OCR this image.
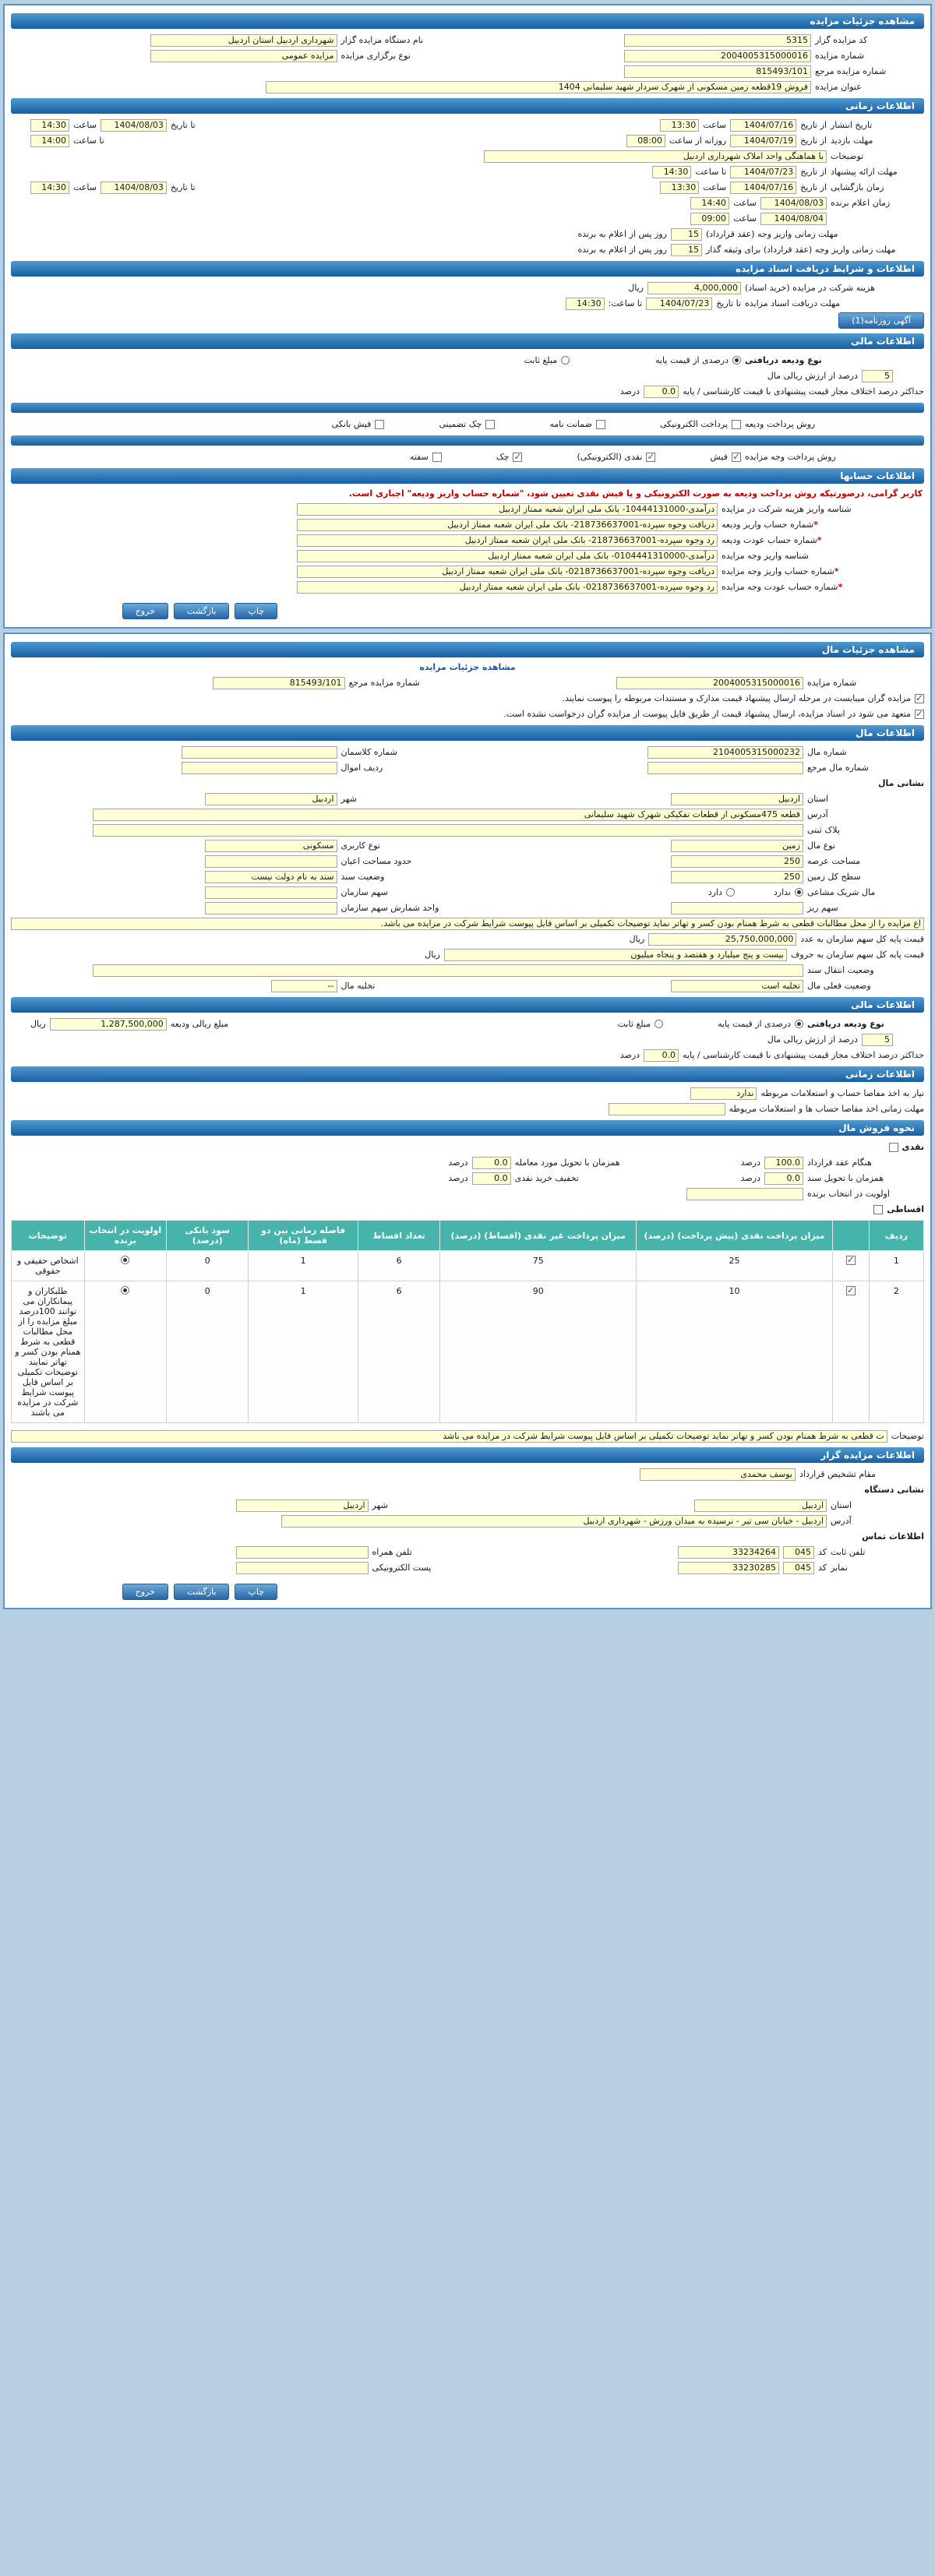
مشاهده جزئیات مزایده
کد مزایده گزار
5315
نام دستگاه مزایده گزار
شهرداری اردبیل استان اردبیل
شماره مزایده
2004005315000016
نوع برگزاری مزایده
مزایده عمومی
شماره مزایده مرجع
815493/101
عنوان مزایده
فروش 19قطعه زمین مسکونی از شهرک سردار شهید سلیمانی 1404
اطلاعات زمانی
تاریخ انتشار
از تاریخ
1404/07/16
ساعت
13:30
تا تاریخ
1404/08/03
ساعت
14:30
مهلت بازدید
از تاریخ
1404/07/19
روزانه از ساعت
08:00
تا ساعت
14:00
توضیحات
با هماهنگی واحد املاک شهرداری اردبیل
مهلت ارائه پیشنهاد
از تاریخ
1404/07/23
تا ساعت
14:30
زمان بازگشایی
از تاریخ
1404/07/16
ساعت
13:30
تا تاریخ
1404/08/03
ساعت
14:30
زمان اعلام برنده
1404/08/03
ساعت
14:40
1404/08/04
ساعت
09:00
مهلت زمانی واریز وجه (عقد قرارداد)
15
روز پس از اعلام به برنده
مهلت زمانی واریز وجه (عقد قرارداد) برای وثیقه گذار
15
روز پس از اعلام به برنده
اطلاعات و شرایط دریافت اسناد مزایده
هزینه شرکت در مزایده (خرید اسناد)
4,000,000
ریال
مهلت دریافت اسناد مزایده
تا تاریخ
1404/07/23
تا ساعت:
14:30
آگهی روزنامه(1)
اطلاعات مالی
نوع ودیعه دریافتی
درصدی از قیمت پایه
مبلغ ثابت
5
درصد از ارزش ریالی مال
حداکثر درصد اختلاف مجاز قیمت پیشنهادی با قیمت کارشناسی / پایه
0.0
درصد
روش پرداخت ودیعه
پرداخت الکترونیکی
ضمانت نامه
چک تضمینی
فیش بانکی
روش پرداخت وجه مزایده
✓
فیش
✓
نقدی (الکترونیکی)
✓
چک
سفته
اطلاعات حسابها
کاربر گرامی، درصورتیکه روش پرداخت ودیعه به صورت الکترونیکی و یا فیش نقدی تعیین شود، "شماره حساب واریز ودیعه" اجباری است.
شناسه واریز هزینه شرکت در مزایده
درآمدی-10444131000- بانک ملی ایران شعبه ممتاز اردبیل
*شماره حساب واریز ودیعه
دریافت وجوه سپرده-218736637001- بانک ملی ایران شعبه ممتاز اردبیل
*شماره حساب عودت ودیعه
رد وجوه سپرده-218736637001- بانک ملی ایران شعبه ممتاز اردبیل
شناسه واریز وجه مزایده
درآمدی-0104441310000- بانک ملی ایران شعبه ممتاز اردبیل
*شماره حساب واریز وجه مزایده
دریافت وجوه سپرده-0218736637001- بانک ملی ایران شعبه ممتاز اردبیل
*شماره حساب عودت وجه مزایده
رد وجوه سپرده-0218736637001- بانک ملی ایران شعبه ممتاز اردبیل
چاپ
بازگشت
خروج
مشاهده جزئیات مال
مشاهده جزئیات مزایده
شماره مزایده
2004005315000016
شماره مزایده مرجع
815493/101
✓
مزایده گران میبایست در مرحله ارسال پیشنهاد قیمت مدارک و مستندات مربوطه را پیوست نمایند.
✓
متعهد می شود در اسناد مزایده، ارسال پیشنهاد قیمت از طریق فایل پیوست از مزایده گران درخواست نشده است.
اطلاعات مال
شماره مال
2104005315000232
شماره کلاسمان
شماره مال مرجع
ردیف اموال
نشانی مال
استان
اردبیل
شهر
اردبیل
آدرس
قطعه 475مسکونی از قطعات تفکیکی شهرک شهید سلیمانی
پلاک ثبتی
نوع مال
زمین
نوع کاربری
مسکونی
مساحت عرصه
250
حدود مساحت اعیان
سطح کل زمین
250
وضعیت سند
سند به نام دولت نیست
مال شریک مشاعی
ندارد
دارد
سهم سازمان
سهم ریز
واحد شمارش سهم سازمان
اع مزایده را از محل مطالبات قطعی به شرط همنام بودن کسر و تهاتر نماید توضیحات تکمیلی بر اساس فایل پیوست شرایط شرکت در مزایده می باشد.
قیمت پایه کل سهم سازمان به عدد
25,750,000,000
ریال
قیمت پایه کل سهم سازمان به حروف
بیست و پنج میلیارد و هفتصد و پنجاه میلیون
ریال
وضعیت انتقال سند
وضعیت فعلی مال
تخلیه است
تخلیه مال
--
اطلاعات مالی
نوع ودیعه دریافتی
درصدی از قیمت پایه
مبلغ ثابت
مبلغ ریالی ودیعه
1,287,500,000
ریال
5
درصد از ارزش ریالی مال
حداکثر درصد اختلاف مجاز قیمت پیشنهادی با قیمت کارشناسی / پایه
0.0
درصد
اطلاعات زمانی
نیاز به اخذ مفاصا حساب و استعلامات مربوطه
ندارد
مهلت زمانی اخذ مفاصا حساب ها و استعلامات مربوطه
نحوه فروش مال
نقدی
هنگام عقد قرارداد
100.0
درصد
همزمان با تحویل مورد معامله
0.0
درصد
همزمان با تحویل سند
0.0
درصد
تخفیف خرید نقدی
0.0
درصد
اولویت در انتخاب برنده
اقساطی
ردیف		میزان پرداخت نقدی (پیش پرداخت) (درصد)	میزان پرداخت غیر نقدی (اقساط) (درصد)	تعداد اقساط	فاصله زمانی بین دو قسط (ماه)	سود بانکی (درصد)	اولویت در انتخاب برنده	توضیحات
1	✓	25	75	6	1	0		اشخاص حقیقی و حقوقی
2	✓	10	90	6	1	0		طلبکاران و پیمانکاران می توانند 100درصد مبلغ مزایده را از محل مطالبات قطعی به شرط همنام بودن کسر و تهاتر نمایند توضیحات تکمیلی بر اساس فایل پیوست شرایط شرکت در مزایده می باشند
توضیحات
ت قطعی به شرط همنام بودن کسر و تهاتر نماید توضیحات تکمیلی بر اساس فایل پیوست شرایط شرکت در مزایده می باشد
اطلاعات مزایده گزار
مقام تشخیص قرارداد
یوسف محمدی
نشانی دستگاه
استان
اردبیل
شهر
اردبیل
آدرس
اردبیل - خیابان سی تیر - نرسیده به میدان ورزش - شهرداری اردبیل
اطلاعات تماس
تلفن ثابت
کد
045
33234264
تلفن همراه
نمابر
کد
045
33230285
پست الکترونیکی
چاپ
بازگشت
خروج
